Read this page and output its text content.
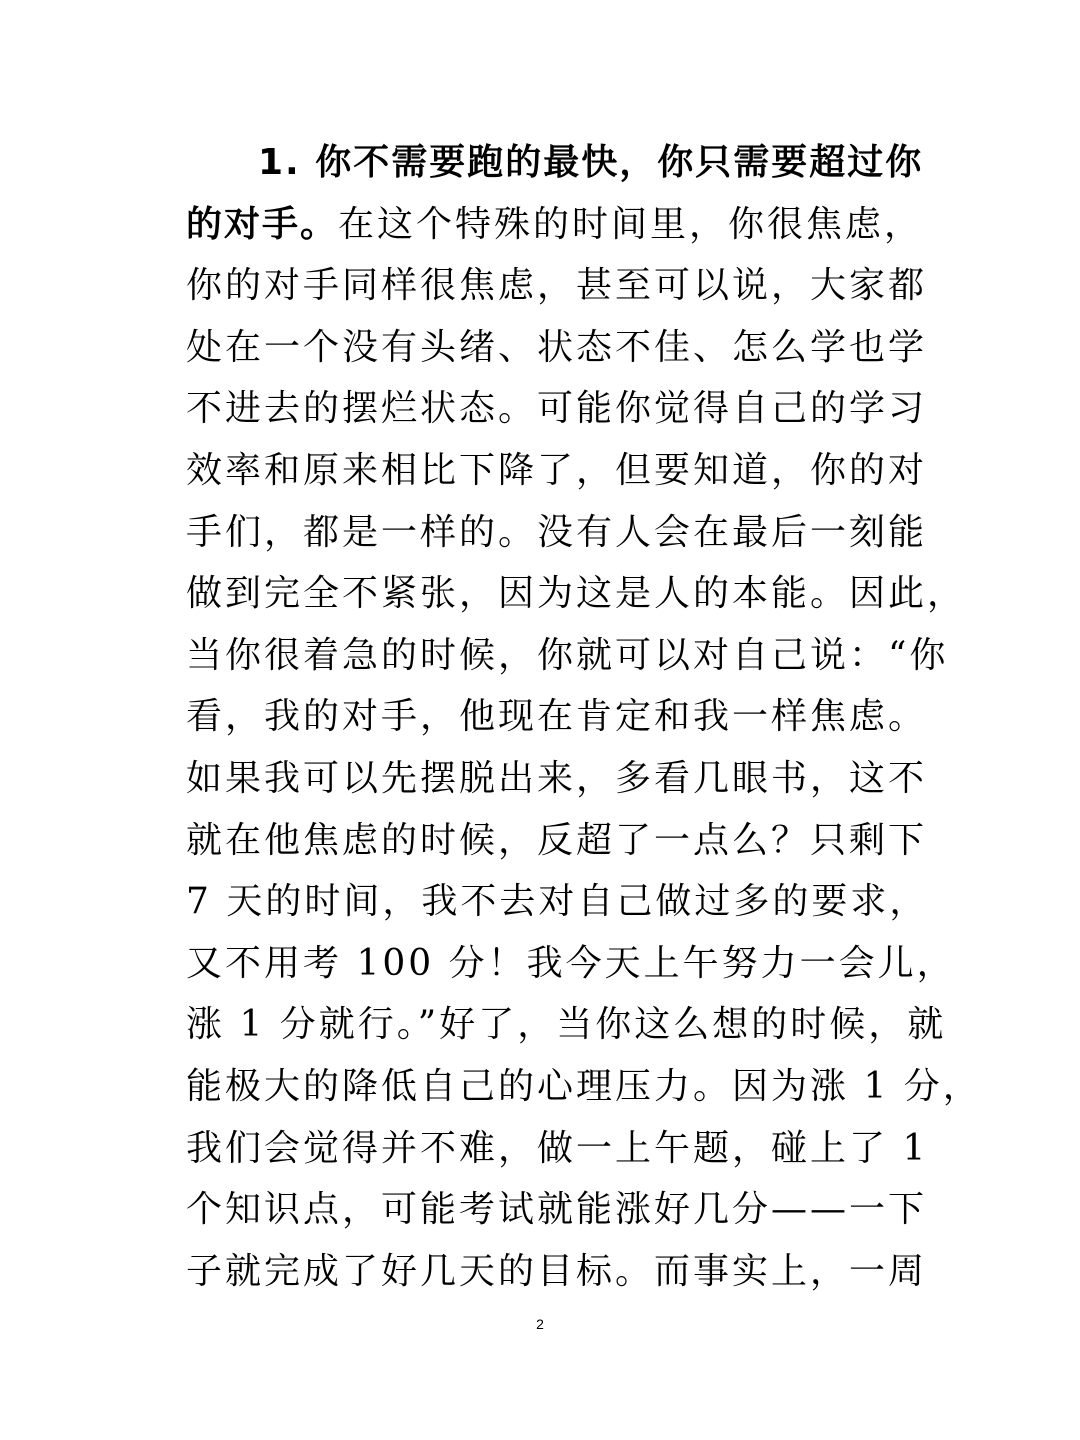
1. 你不需要跑的最快，你只需要超过你
的对手。在这个特殊的时间里，你很焦虑，
你的对手同样很焦虑，甚至可以说，大家都
处在一个没有头绪、状态不佳、怎么学也学
不进去的摆烂状态。可能你觉得自己的学习
效率和原来相比下降了，但要知道，你的对
手们，都是一样的。没有人会在最后一刻能
做到完全不紧张，因为这是人的本能。因此，
当你很着急的时候，你就可以对自己说：“你
看，我的对手，他现在肯定和我一样焦虑。
如果我可以先摆脱出来，多看几眼书，这不
就在他焦虑的时候，反超了一点么？只剩下
7 天的时间，我不去对自己做过多的要求，
又不用考 100 分！我今天上午努力一会儿，
涨 1 分就行。”好了，当你这么想的时候，就
能极大的降低自己的心理压力。因为涨 1 分，
我们会觉得并不难，做一上午题，碰上了 1
个知识点，可能考试就能涨好几分——一下
子就完成了好几天的目标。而事实上，一周
2
